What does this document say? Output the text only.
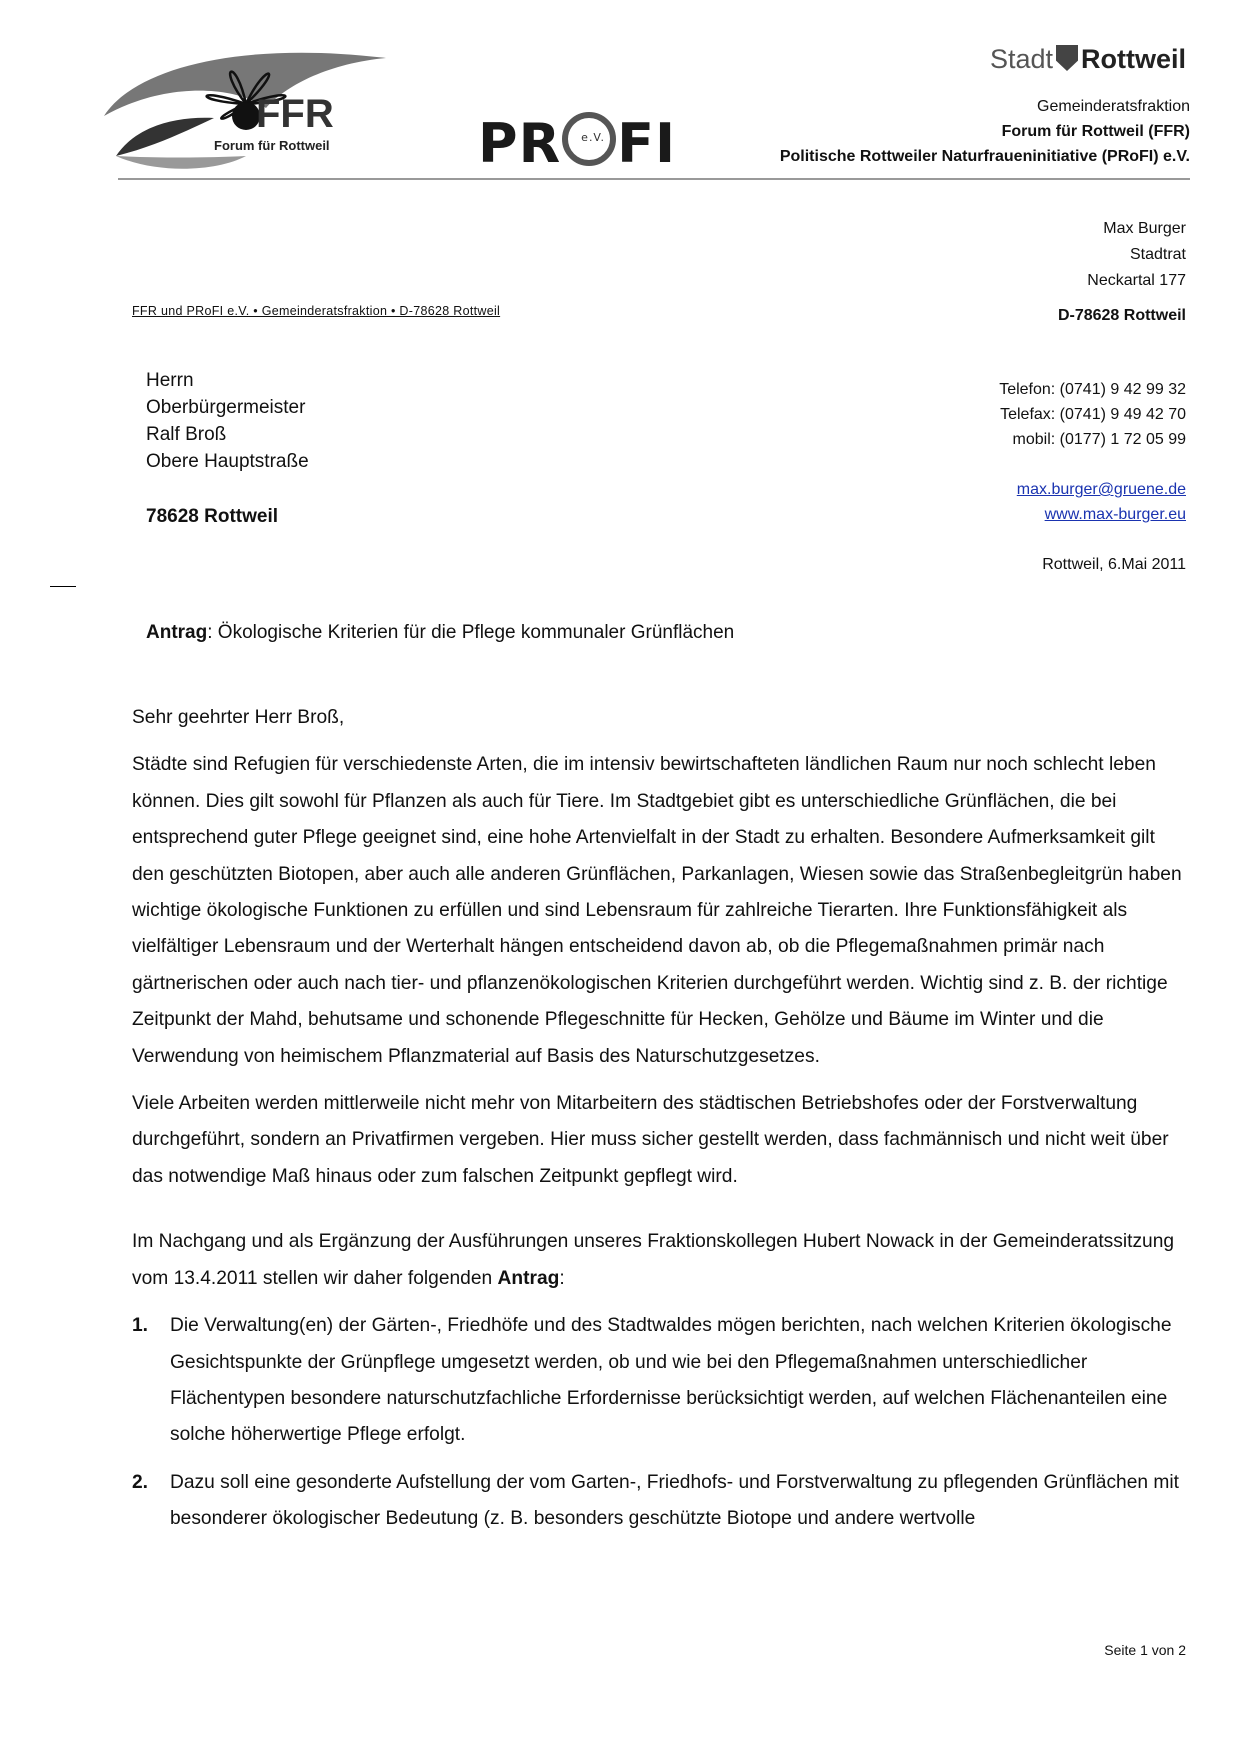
FFR
Forum für Rottweil	PR e.V. FI
Stadt Rottweil
Gemeinderatsfraktion
Forum für Rottweil (FFR)
Politische Rottweiler Naturfraueninitiative (PRoFI) e.V.
Max Burger
Stadtrat
Neckartal 177
D-78628 Rottweil
FFR und PRoFI e.V. • Gemeinderatsfraktion • D-78628 Rottweil
Herrn
Oberbürgermeister
Ralf Broß
Obere Hauptstraße
78628 Rottweil
Telefon: (0741) 9 42 99 32
Telefax: (0741) 9 49 42 70
mobil: (0177) 1 72 05 99
max.burger@gruene.de
www.max-burger.eu
Rottweil, 6.Mai 2011
Antrag: Ökologische Kriterien für die Pflege kommunaler Grünflächen

Sehr geehrter Herr Broß,

Städte sind Refugien für verschiedenste Arten, die im intensiv bewirtschafteten ländlichen Raum nur noch schlecht leben können. Dies gilt sowohl für Pflanzen als auch für Tiere. Im Stadtgebiet gibt es unterschiedliche Grünflächen, die bei entsprechend guter Pflege geeignet sind, eine hohe Artenvielfalt in der Stadt zu erhalten. Besondere Aufmerksamkeit gilt den geschützten Biotopen, aber auch alle anderen Grünflächen, Parkanlagen, Wiesen sowie das Straßenbegleitgrün haben wichtige ökologische Funktionen zu erfüllen und sind Lebensraum für zahlreiche Tierarten. Ihre Funktionsfähigkeit als vielfältiger Lebensraum und der Werterhalt hängen entscheidend davon ab, ob die Pflegemaßnahmen primär nach gärtnerischen oder auch nach tier- und pflanzenökologischen Kriterien durchgeführt werden. Wichtig sind z. B. der richtige Zeitpunkt der Mahd, behutsame und schonende Pflegeschnitte für Hecken, Gehölze und Bäume im Winter und die Verwendung von heimischem Pflanzmaterial auf Basis des Naturschutzgesetzes.

Viele Arbeiten werden mittlerweile nicht mehr von Mitarbeitern des städtischen Betriebshofes oder der Forstverwaltung durchgeführt, sondern an Privatfirmen vergeben. Hier muss sicher gestellt werden, dass fachmännisch und nicht weit über das notwendige Maß hinaus oder zum falschen Zeitpunkt gepflegt wird.

Im Nachgang und als Ergänzung der Ausführungen unseres Fraktionskollegen Hubert Nowack in der Gemeinderatssitzung vom 13.4.2011 stellen wir daher folgenden Antrag:

1. Die Verwaltung(en) der Gärten-, Friedhöfe und des Stadtwaldes mögen berichten, nach welchen Kriterien ökologische Gesichtspunkte der Grünpflege umgesetzt werden, ob und wie bei den Pflegemaßnahmen unterschiedlicher Flächentypen besondere naturschutzfachliche Erfordernisse berücksichtigt werden, auf welchen Flächenanteilen eine solche höherwertige Pflege erfolgt.
2. Dazu soll eine gesonderte Aufstellung der vom Garten-, Friedhofs- und Forstverwaltung zu pflegenden Grünflächen mit besonderer ökologischer Bedeutung (z. B. besonders geschützte Biotope und andere wertvolle
Seite 1 von 2
